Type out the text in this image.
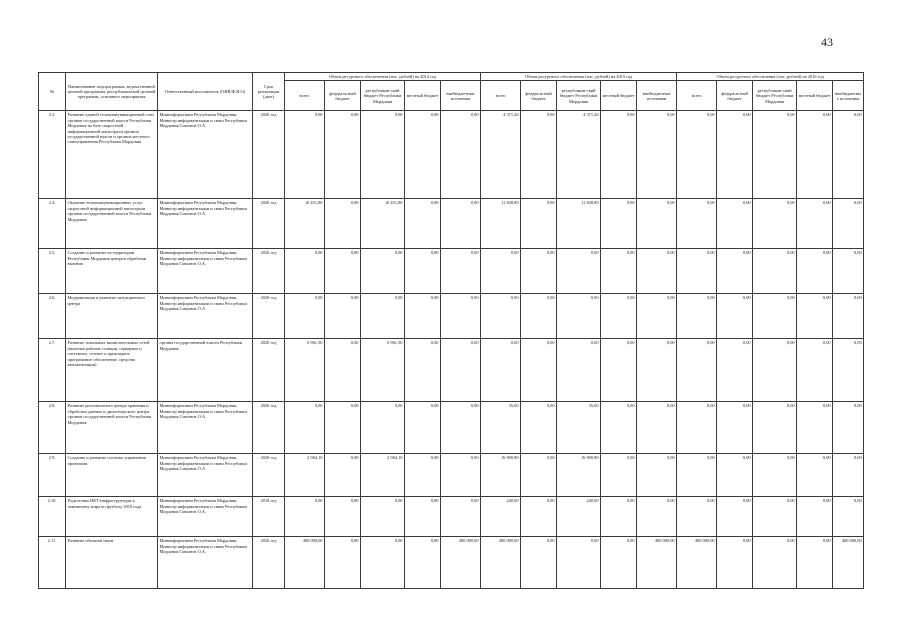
43
№	Наименование подпрограммы, ведомственной целевой программы, республиканской целевой программы, основного мероприятия	Ответственный исполнитель (ОИВ/Ф.И.О)	Срок реализации (дата)	Объем ресурсного обеспечения (тыс. рублей) на 2014 год					Объем ресурсного обеспечения (тыс. рублей) на 2015 год					Объем ресурсного обеспечения (тыс. рублей) на 2016 год				
				всего	федераль-ный бюджет	республикан-ский бюджет Республики Мордовия	местный бюджет	внебюджетные источники	всего	федераль-ный бюджет	республикан-ский бюджет Республики Мордовия	местный бюджет	внебюджетные источники	всего	федераль-ный бюджет	республикан-ский бюджет Республики Мордовия	местный бюджет	внебюджетные источники
2.3.	Развитие единой телекоммуникационной сети органов государственной власти Республики Мордовия на базе скоростной информационной магистрали органов государственной власти и органов местного самоуправления Республики Мордовия	Мининформсвязи Республики Мордовия, Министр информатизации и связи Республики Мордовия Симонов О.А.	2020 год	0,00	0,00	0,00	0,00	0,00	4 371,20	0,00	4 371,20	0,00	0,00	0,00	0,00	0,00	0,00	0,00
2.4.	Оказание телекоммуникационных услуг скоростной информационной магистрали органов государственной власти Республики Мордовия	Мининформсвязи Республики Мордовия, Министр информатизации и связи Республики Мордовия Симонов О.А.	2020 год	10 451,80	0,00	10 451,80	0,00	0,00	11 828,80	0,00	11 828,80	0,00	0,00	0,00	0,00	0,00	0,00	0,00
2.5.	Создание и развитие на территории Республики Мордовия центров обработки вызовов	Мининформсвязи Республики Мордовия, Министр информатизации и связи Республики Мордовия Симонов О.А.	2020 год	0,00	0,00	0,00	0,00	0,00	0,00	0,00	0,00	0,00	0,00	0,00	0,00	0,00	0,00	0,00
2.6.	Модернизация и развитие ситуационного центра	Мининформсвязи Республики Мордовия, Министр информатизации и связи Республики Мордовия Симонов О.А.	2020 год	0,00	0,00	0,00	0,00	0,00	0,00	0,00	0,00	0,00	0,00	0,00	0,00	0,00	0,00	0,00
2.7.	Развитие локальных вычислительных сетей (включая рабочие станции, серверное и системное, сетевое и прикладное программное обеспечение, средства автоматизации)	органы государственной власти Республики Мордовия	2020 год	6 961,50	0,00	6 961,50	0,00	0,00	0,00	0,00	0,00	0,00	0,00	0,00	0,00	0,00	0,00	0,00
2.8.	Развитие регионального центра хранения и обработки данных и диспетчерского центра органов государственной власти Республики Мордовия	Мининформсвязи Республики Мордовия, Министр информатизации и связи Республики Мордовия Симонов О.А.	2020 год	0,00	0,00	0,00	0,00	0,00	35,00	0,00	35,00	0,00	0,00	0,00	0,00	0,00	0,00	0,00
2.9.	Создание и развитие системы управления проектами	Мининформсвязи Республики Мордовия, Министр информатизации и связи Республики Мордовия Симонов О.А.	2020 год	2 984,10	0,00	2 984,10	0,00	0,00	16 900,90	0,00	16 900,90	0,00	0,00	0,00	0,00	0,00	0,00	0,00
2.10.	Подготовка ИКТ-инфраструктуры к чемпионату мира по футболу 2018 года	Мининформсвязи Республики Мордовия, Министр информатизации и связи Республики Мордовия Симонов О.А.	2018 год	0,00	0,00	0,00	0,00	0,00	240,00	0,00	240,00	0,00	0,00	0,00	0,00	0,00	0,00	0,00
2.11.	Развитие объектов связи	Мининформсвязи Республики Мордовия, Министр информатизации и связи Республики Мордовия Симонов О.А.	2020 год	400 000,00	0,00	0,00	0,00	400 000,00	400 000,00	0,00	0,00	0,00	400 000,00	400 000,00	0,00	0,00	0,00	400 000,00
